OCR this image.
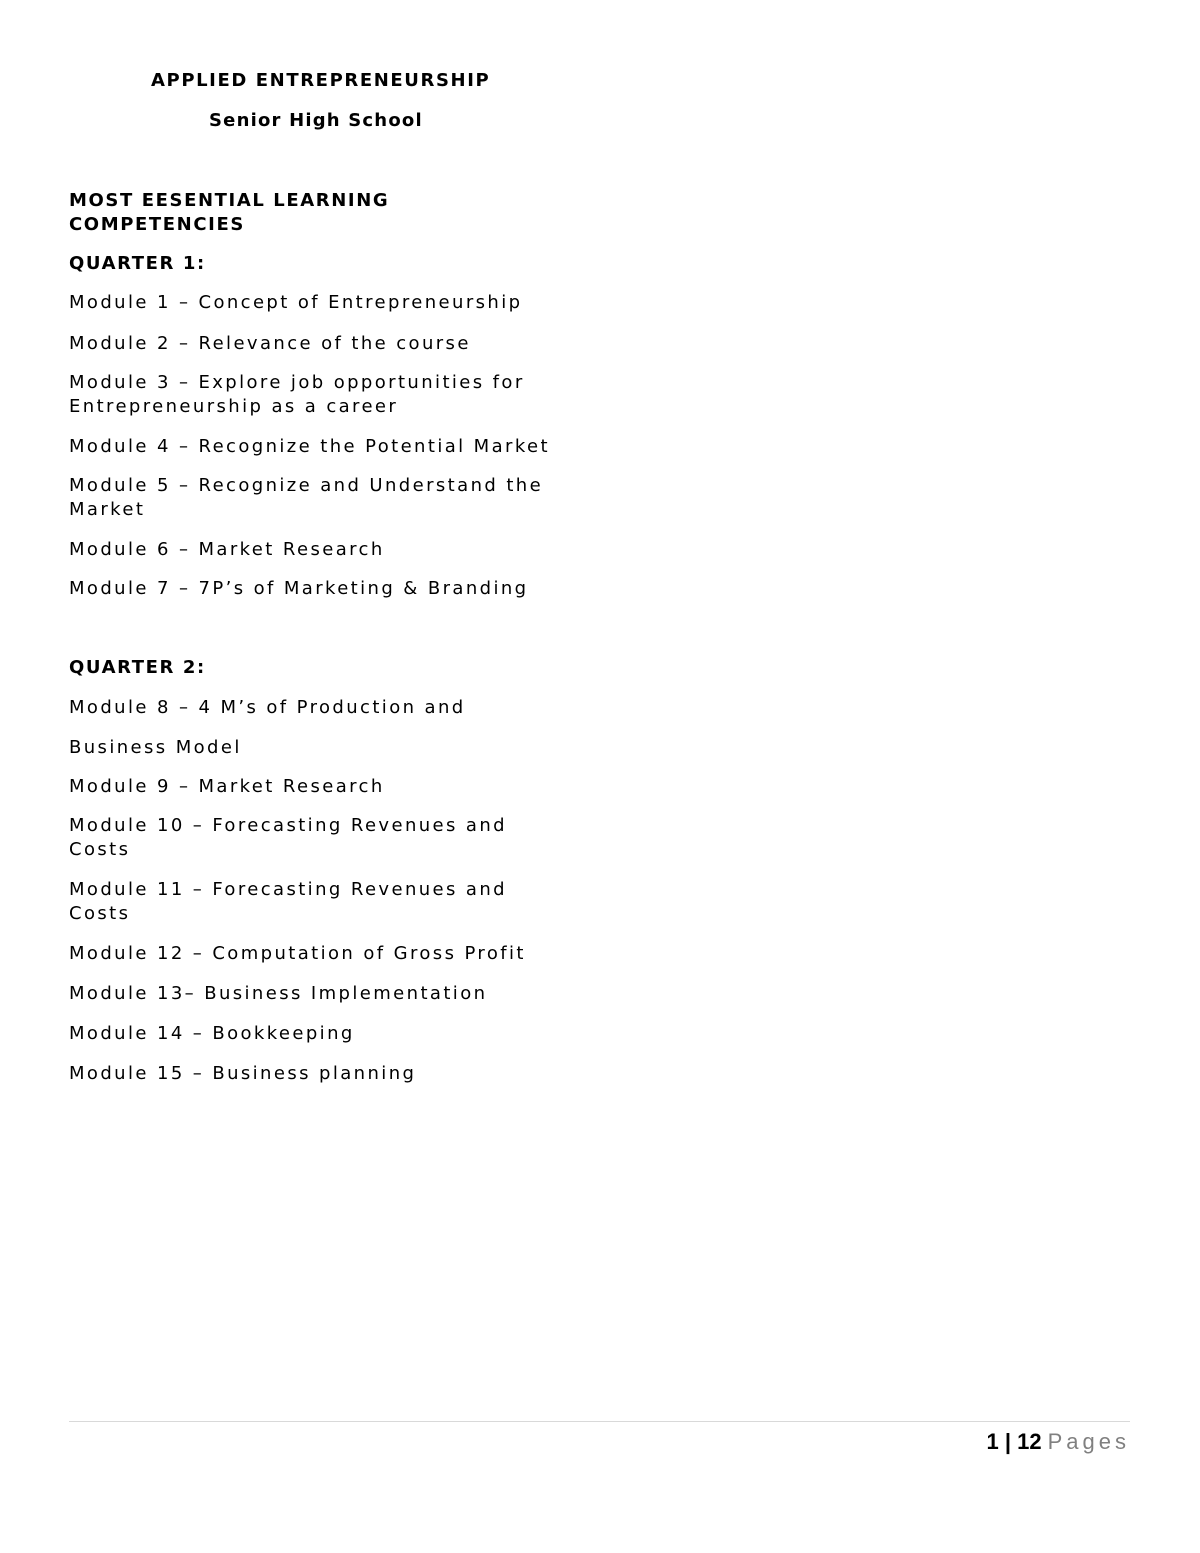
APPLIED ENTREPRENEURSHIP
Senior High School
MOST EESENTIAL LEARNING COMPETENCIES
QUARTER 1:
Module 1 – Concept of Entrepreneurship
Module 2 – Relevance of the course
Module 3 – Explore job opportunities for Entrepreneurship as a career
Module 4 – Recognize the Potential Market
Module 5 – Recognize and Understand the Market
Module 6 – Market Research
Module 7 – 7P’s of Marketing & Branding
QUARTER 2:
Module 8 – 4 M’s of Production and
Business Model
Module 9 – Market Research
Module 10 – Forecasting Revenues and Costs
Module 11 – Forecasting Revenues and Costs
Module 12 – Computation of Gross Profit
Module 13– Business Implementation
Module 14 – Bookkeeping
Module 15 – Business planning
1 | 12 Pages
